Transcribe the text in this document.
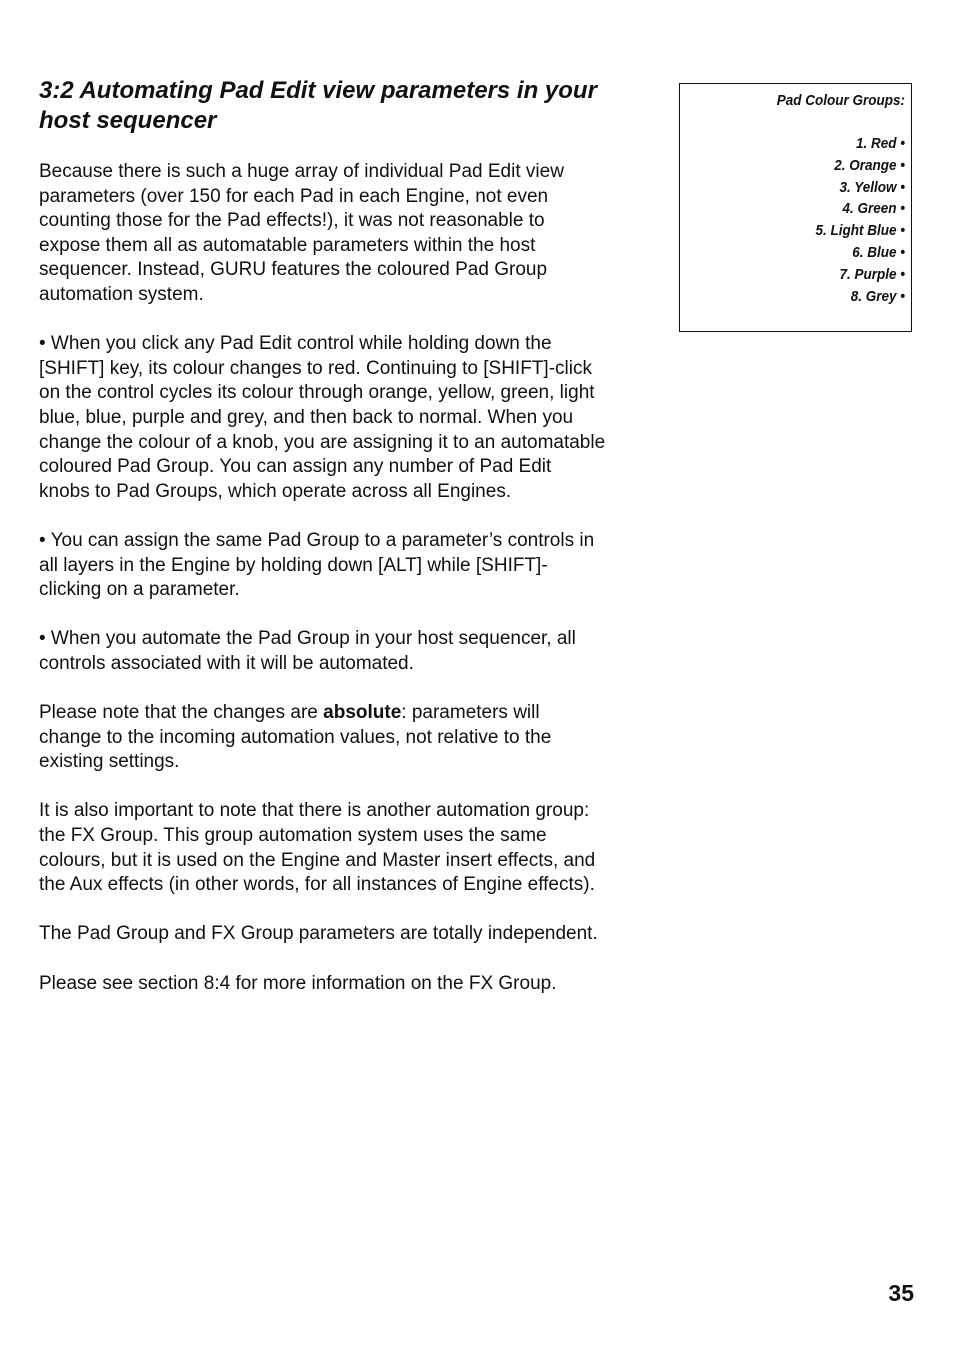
3:2 Automating Pad Edit view parameters in your host sequencer

Because there is such a huge array of individual Pad Edit view parameters (over 150 for each Pad in each Engine, not even counting those for the Pad effects!), it was not reasonable to expose them all as automatable parameters within the host sequencer. Instead, GURU features the coloured Pad Group automation system.

• When you click any Pad Edit control while holding down the [SHIFT] key, its colour changes to red. Continuing to [SHIFT]-click on the control cycles its colour through orange, yellow, green, light blue, blue, purple and grey, and then back to normal. When you change the colour of a knob, you are assigning it to an automatable coloured Pad Group. You can assign any number of Pad Edit knobs to Pad Groups, which operate across all Engines.

• You can assign the same Pad Group to a parameter’s controls in all layers in the Engine by holding down [ALT] while [SHIFT]-clicking on a parameter.

• When you automate the Pad Group in your host sequencer, all controls associated with it will be automated.

Please note that the changes are absolute: parameters will change to the incoming automation values, not relative to the existing settings.

It is also important to note that there is another automation group: the FX Group. This group automation system uses the same colours, but it is used on the Engine and Master insert effects, and the Aux effects (in other words, for all instances of Engine effects).

The Pad Group and FX Group parameters are totally independent.

Please see section 8:4 for more information on the FX Group.

Pad Colour Groups:
1. Red •
2. Orange •
3. Yellow •
4. Green •
5. Light Blue •
6. Blue •
7. Purple •
8. Grey •
35
